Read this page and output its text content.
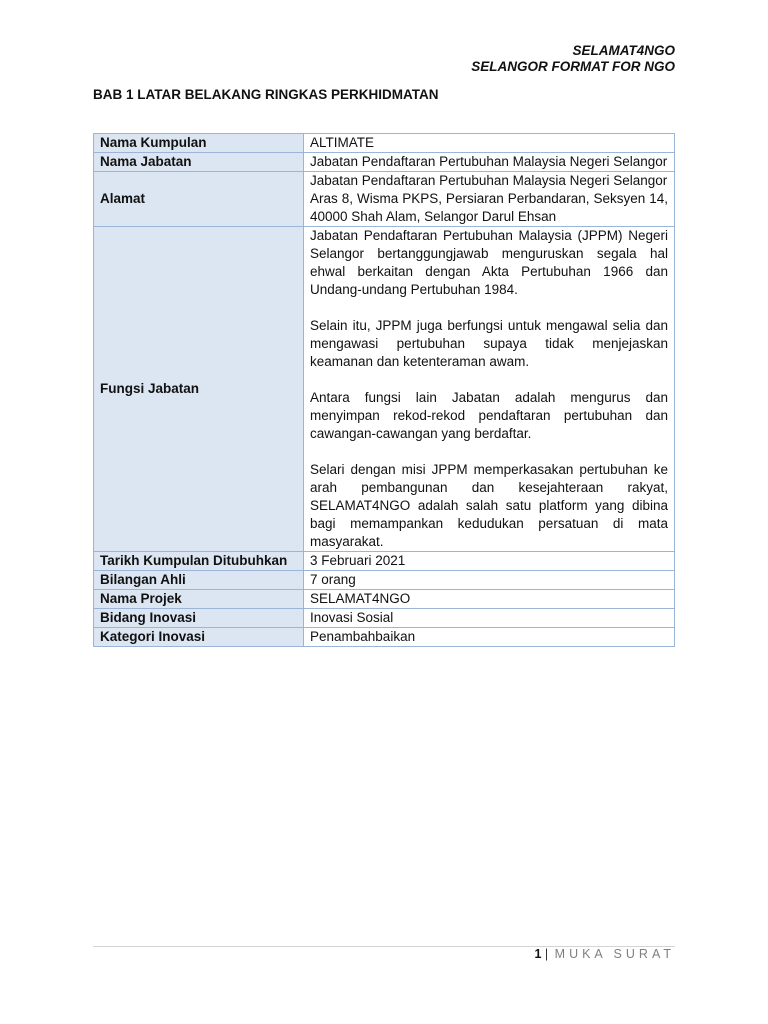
SELAMAT4NGO
SELANGOR FORMAT FOR NGO
BAB 1 LATAR BELAKANG RINGKAS PERKHIDMATAN
Nama Kumpulan	ALTIMATE
Nama Jabatan	Jabatan Pendaftaran Pertubuhan Malaysia Negeri Selangor
Alamat	Jabatan Pendaftaran Pertubuhan Malaysia Negeri Selangor
Aras 8, Wisma PKPS, Persiaran Perbandaran, Seksyen 14, 40000 Shah Alam, Selangor Darul Ehsan

Fungsi Jabatan	Jabatan Pendaftaran Pertubuhan Malaysia (JPPM) Negeri Selangor bertanggungjawab menguruskan segala hal ehwal berkaitan dengan Akta Pertubuhan 1966 dan Undang-undang Pertubuhan 1984.
Selain itu, JPPM juga berfungsi untuk mengawal selia dan mengawasi pertubuhan supaya tidak menjejaskan keamanan dan ketenteraman awam.
Antara fungsi lain Jabatan adalah mengurus dan menyimpan rekod-rekod pendaftaran pertubuhan dan cawangan-cawangan yang berdaftar.
Selari dengan misi JPPM memperkasakan pertubuhan ke arah pembangunan dan kesejahteraan rakyat, SELAMAT4NGO adalah salah satu platform yang dibina bagi memampankan kedudukan persatuan di mata masyarakat.

Tarikh Kumpulan Ditubuhkan	3 Februari 2021
Bilangan Ahli	7 orang
Nama Projek	SELAMAT4NGO
Bidang Inovasi	Inovasi Sosial
Kategori Inovasi	Penambahbaikan
1 | MUKA SURAT
